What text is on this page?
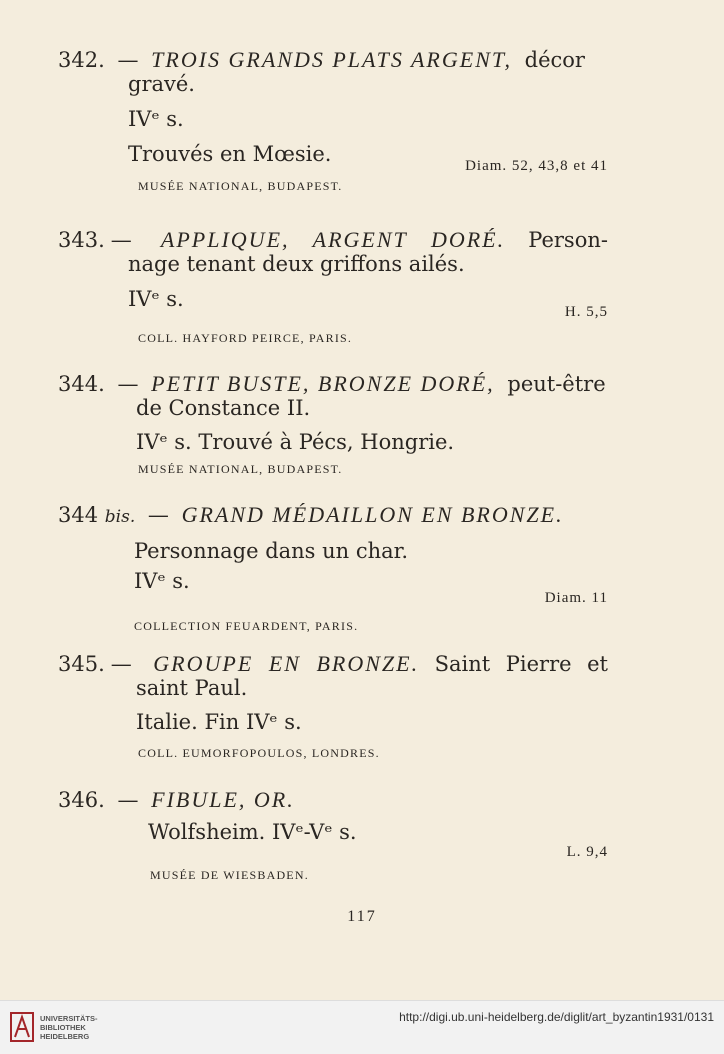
342. — TROIS GRANDS PLATS ARGENT, décor
gravé.
IVᵉ s.
Trouvés en Mœsie.	Diam. 52, 43,8 et 41
MUSÉE NATIONAL, BUDAPEST.
343. — APPLIQUE, ARGENT DORÉ. Person-
nage tenant deux griffons ailés.
IVᵉ s.
H. 5,5
COLL. HAYFORD PEIRCE, PARIS.
344. — PETIT BUSTE, BRONZE DORÉ, peut-être
de Constance II.
IVᵉ s. Trouvé à Pécs, Hongrie.
MUSÉE NATIONAL, BUDAPEST.
344 bis. — GRAND MÉDAILLON EN BRONZE.
Personnage dans un char.
IVᵉ s.
Diam. 11
COLLECTION FEUARDENT, PARIS.
345. — GROUPE EN BRONZE. Saint Pierre et
saint Paul.
Italie. Fin IVᵉ s.
COLL. EUMORFOPOULOS, LONDRES.
346. — FIBULE, OR.
Wolfsheim. IVᵉ-Vᵉ s.
L. 9,4
MUSÉE DE WIESBADEN.
117
UNIVERSITÄTS-
BIBLIOTHEK
HEIDELBERG
http://digi.ub.uni-heidelberg.de/diglit/art_byzantin1931/0131
